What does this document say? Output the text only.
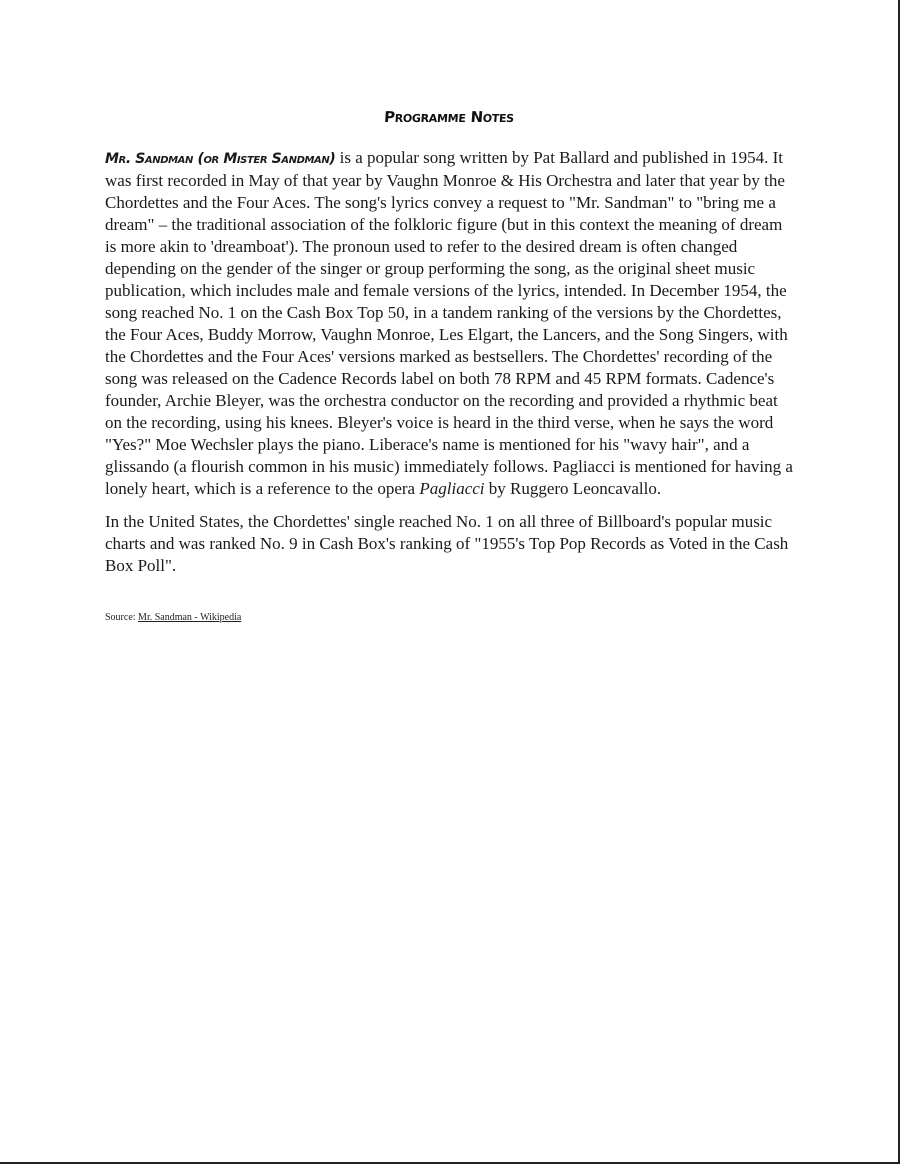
Programme Notes

Mr. Sandman (or Mister Sandman) is a popular song written by Pat Ballard and published in 1954. It was first recorded in May of that year by Vaughn Monroe & His Orchestra and later that year by the Chordettes and the Four Aces. The song's lyrics convey a request to "Mr. Sandman" to "bring me a dream" – the traditional association of the folkloric figure (but in this context the meaning of dream is more akin to 'dreamboat'). The pronoun used to refer to the desired dream is often changed depending on the gender of the singer or group performing the song, as the original sheet music publication, which includes male and female versions of the lyrics, intended. In December 1954, the song reached No. 1 on the Cash Box Top 50, in a tandem ranking of the versions by the Chordettes, the Four Aces, Buddy Morrow, Vaughn Monroe, Les Elgart, the Lancers, and the Song Singers, with the Chordettes and the Four Aces' versions marked as bestsellers. The Chordettes' recording of the song was released on the Cadence Records label on both 78 RPM and 45 RPM formats. Cadence's founder, Archie Bleyer, was the orchestra conductor on the recording and provided a rhythmic beat on the recording, using his knees. Bleyer's voice is heard in the third verse, when he says the word "Yes?" Moe Wechsler plays the piano. Liberace's name is mentioned for his "wavy hair", and a glissando (a flourish common in his music) immediately follows. Pagliacci is mentioned for having a lonely heart, which is a reference to the opera Pagliacci by Ruggero Leoncavallo.

In the United States, the Chordettes' single reached No. 1 on all three of Billboard's popular music charts and was ranked No. 9 in Cash Box's ranking of "1955's Top Pop Records as Voted in the Cash Box Poll".

Source: Mr. Sandman - Wikipedia
